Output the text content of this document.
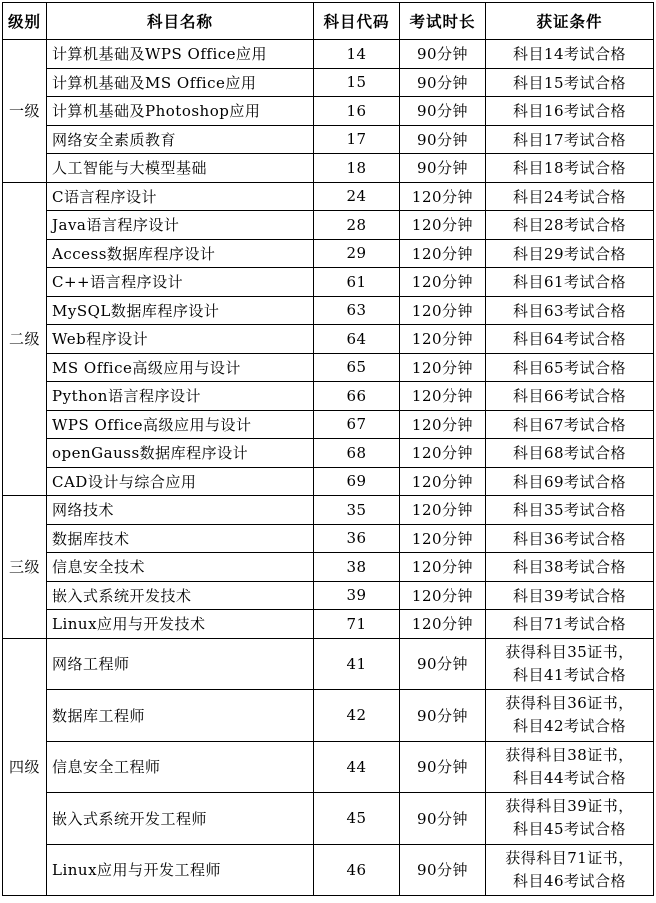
级别	科目名称	科目代码	考试时长	获证条件
一级	计算机基础及WPS Office应用	14	90分钟	科目14考试合格

	计算机基础及MS Office应用	15	90分钟	科目15考试合格

	计算机基础及Photoshop应用	16	90分钟	科目16考试合格

	网络安全素质教育	17	90分钟	科目17考试合格

	人工智能与大模型基础	18	90分钟	科目18考试合格

二级	C语言程序设计	24	120分钟	科目24考试合格

	Java语言程序设计	28	120分钟	科目28考试合格

	Access数据库程序设计	29	120分钟	科目29考试合格

	C++语言程序设计	61	120分钟	科目61考试合格

	MySQL数据库程序设计	63	120分钟	科目63考试合格

	Web程序设计	64	120分钟	科目64考试合格

	MS Office高级应用与设计	65	120分钟	科目65考试合格

	Python语言程序设计	66	120分钟	科目66考试合格

	WPS Office高级应用与设计	67	120分钟	科目67考试合格

	openGauss数据库程序设计	68	120分钟	科目68考试合格

	CAD设计与综合应用	69	120分钟	科目69考试合格

三级	网络技术	35	120分钟	科目35考试合格

	数据库技术	36	120分钟	科目36考试合格

	信息安全技术	38	120分钟	科目38考试合格

	嵌入式系统开发技术	39	120分钟	科目39考试合格

	Linux应用与开发技术	71	120分钟	科目71考试合格

四级	网络工程师	41	90分钟	获得科目35证书，
科目41考试合格

	数据库工程师	42	90分钟	获得科目36证书，
科目42考试合格

	信息安全工程师	44	90分钟	获得科目38证书，
科目44考试合格

	嵌入式系统开发工程师	45	90分钟	获得科目39证书，
科目45考试合格

	Linux应用与开发工程师	46	90分钟	获得科目71证书，
科目46考试合格
